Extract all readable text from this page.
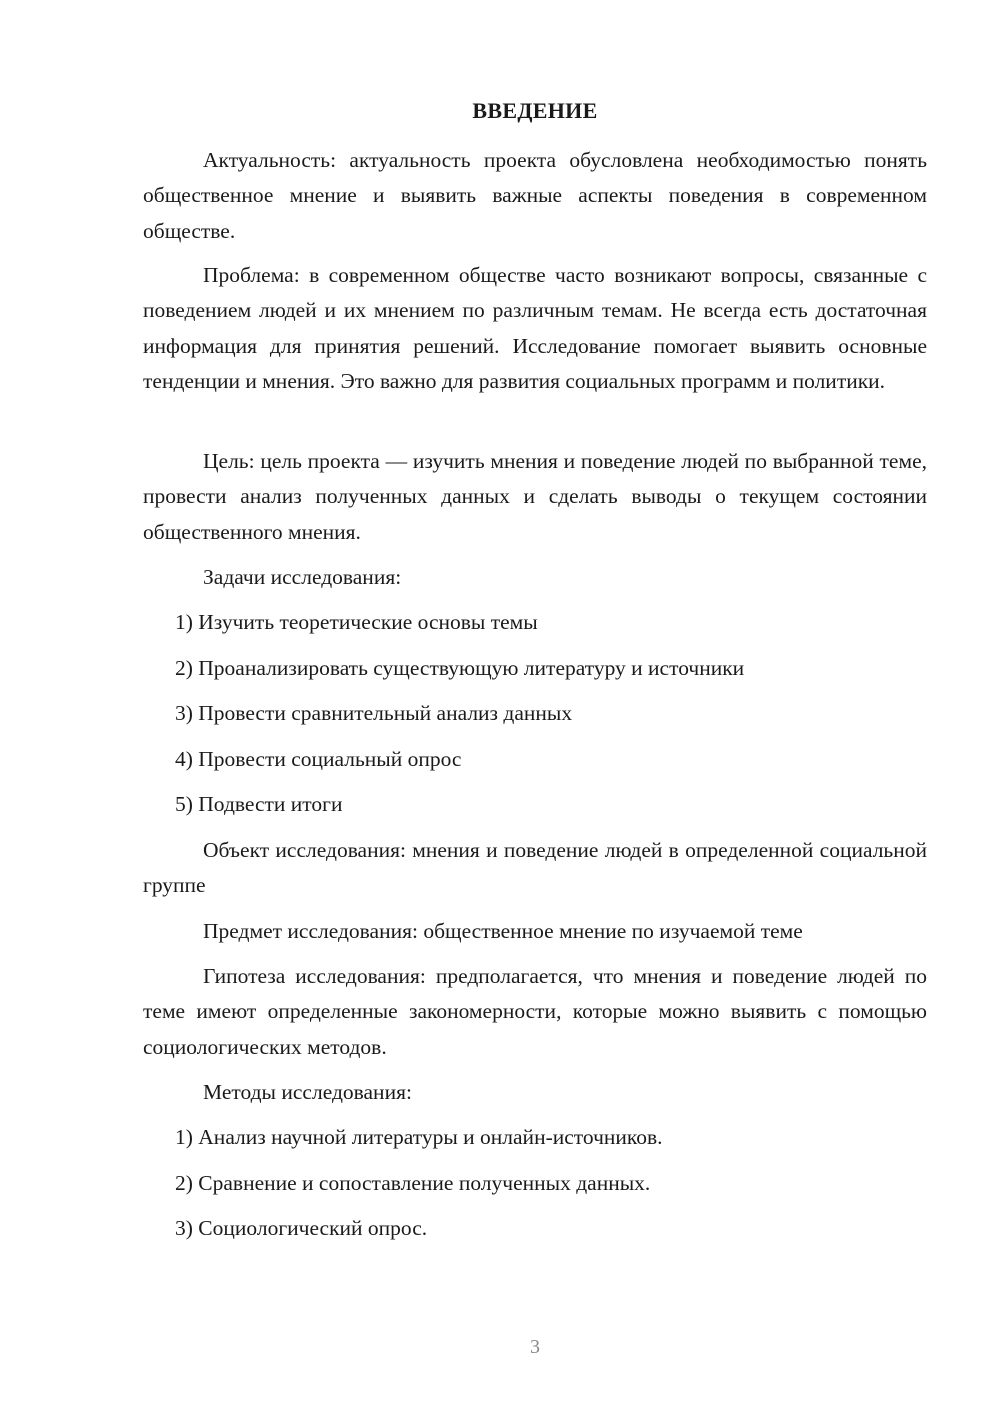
ВВЕДЕНИЕ

Актуальность: актуальность проекта обусловлена необходимостью понять общественное мнение и выявить важные аспекты поведения в современном обществе.

Проблема: в современном обществе часто возникают вопросы, связанные с поведением людей и их мнением по различным темам. Не всегда есть достаточная информация для принятия решений. Исследование помогает выявить основные тенденции и мнения. Это важно для развития социальных программ и политики.

Цель: цель проекта — изучить мнения и поведение людей по выбранной теме, провести анализ полученных данных и сделать выводы о текущем состоянии общественного мнения.

Задачи исследования:

1) Изучить теоретические основы темы

2) Проанализировать существующую литературу и источники

3) Провести сравнительный анализ данных

4) Провести социальный опрос

5) Подвести итоги

Объект исследования: мнения и поведение людей в определенной социальной группе

Предмет исследования: общественное мнение по изучаемой теме

Гипотеза исследования: предполагается, что мнения и поведение людей по теме имеют определенные закономерности, которые можно выявить с помощью социологических методов.

Методы исследования:

1) Анализ научной литературы и онлайн-источников.

2) Сравнение и сопоставление полученных данных.

3) Социологический опрос.

3
